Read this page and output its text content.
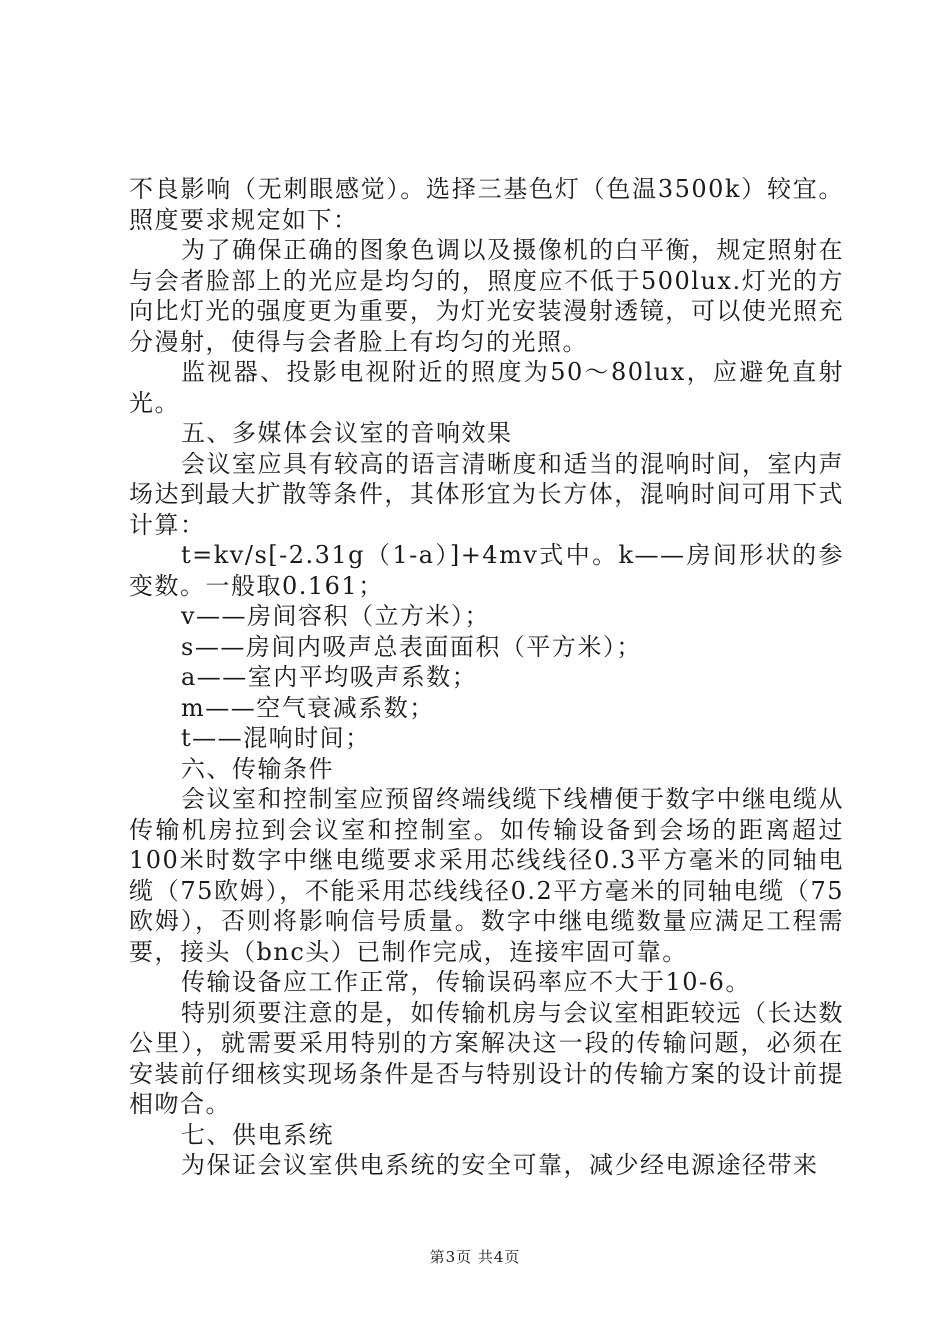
不良影响（无刺眼感觉）。选择三基色灯（色温3500k）较宜。照度要求规定如下：

为了确保正确的图象色调以及摄像机的白平衡，规定照射在与会者脸部上的光应是均匀的，照度应不低于500lux.灯光的方向比灯光的强度更为重要，为灯光安装漫射透镜，可以使光照充分漫射，使得与会者脸上有均匀的光照。

监视器、投影电视附近的照度为50～80lux，应避免直射光。

五、多媒体会议室的音响效果

会议室应具有较高的语言清晰度和适当的混响时间，室内声场达到最大扩散等条件，其体形宜为长方体，混响时间可用下式计算：

t=kv/s[-2.31g（1-a）]+4mv式中。k——房间形状的参变数。一般取0.161；

v——房间容积（立方米）；

s——房间内吸声总表面面积（平方米）；

a——室内平均吸声系数；

m——空气衰减系数；

t——混响时间；

六、传输条件

会议室和控制室应预留终端线缆下线槽便于数字中继电缆从传输机房拉到会议室和控制室。如传输设备到会场的距离超过100米时数字中继电缆要求采用芯线线径0.3平方毫米的同轴电缆（75欧姆），不能采用芯线线径0.2平方毫米的同轴电缆（75欧姆），否则将影响信号质量。数字中继电缆数量应满足工程需要，接头（bnc头）已制作完成，连接牢固可靠。

传输设备应工作正常，传输误码率应不大于10-6。

特别须要注意的是，如传输机房与会议室相距较远（长达数公里），就需要采用特别的方案解决这一段的传输问题，必须在安装前仔细核实现场条件是否与特别设计的传输方案的设计前提相吻合。

七、供电系统

为保证会议室供电系统的安全可靠，减少经电源途径带来

第3页 共4页
